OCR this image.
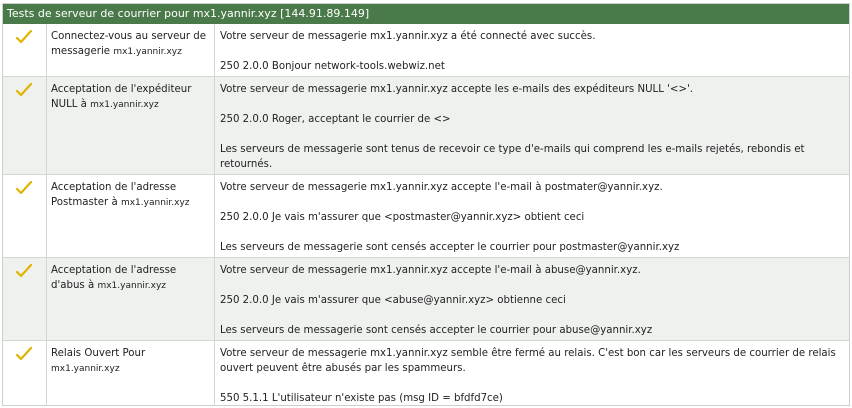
Tests de serveur de courrier pour mx1.yannir.xyz [144.91.89.149]
Connectez-vous au serveur de
messagerie mx1.yannir.xyz

Votre serveur de messagerie mx1.yannir.xyz a été connecté avec succès.

250 2.0.0 Bonjour network-tools.webwiz.net

Acceptation de l'expéditeur
NULL à mx1.yannir.xyz

Votre serveur de messagerie mx1.yannir.xyz accepte les e-mails des expéditeurs NULL '<>'.

250 2.0.0 Roger, acceptant le courrier de <>

Les serveurs de messagerie sont tenus de recevoir ce type d'e-mails qui comprend les e-mails rejetés, rebondis et retournés.

Acceptation de l'adresse
Postmaster à mx1.yannir.xyz

Votre serveur de messagerie mx1.yannir.xyz accepte l'e-mail à postmater@yannir.xyz.

250 2.0.0 Je vais m'assurer que <postmaster@yannir.xyz> obtient ceci

Les serveurs de messagerie sont censés accepter le courrier pour postmaster@yannir.xyz

Acceptation de l'adresse
d'abus à mx1.yannir.xyz

Votre serveur de messagerie mx1.yannir.xyz accepte l'e-mail à abuse@yannir.xyz.

250 2.0.0 Je vais m'assurer que <abuse@yannir.xyz> obtienne ceci

Les serveurs de messagerie sont censés accepter le courrier pour abuse@yannir.xyz

Relais Ouvert Pour
mx1.yannir.xyz

Votre serveur de messagerie mx1.yannir.xyz semble être fermé au relais. C'est bon car les serveurs de courrier de relais ouvert peuvent être abusés par les spammeurs.

550 5.1.1 L'utilisateur n'existe pas (msg ID = bfdfd7ce)
